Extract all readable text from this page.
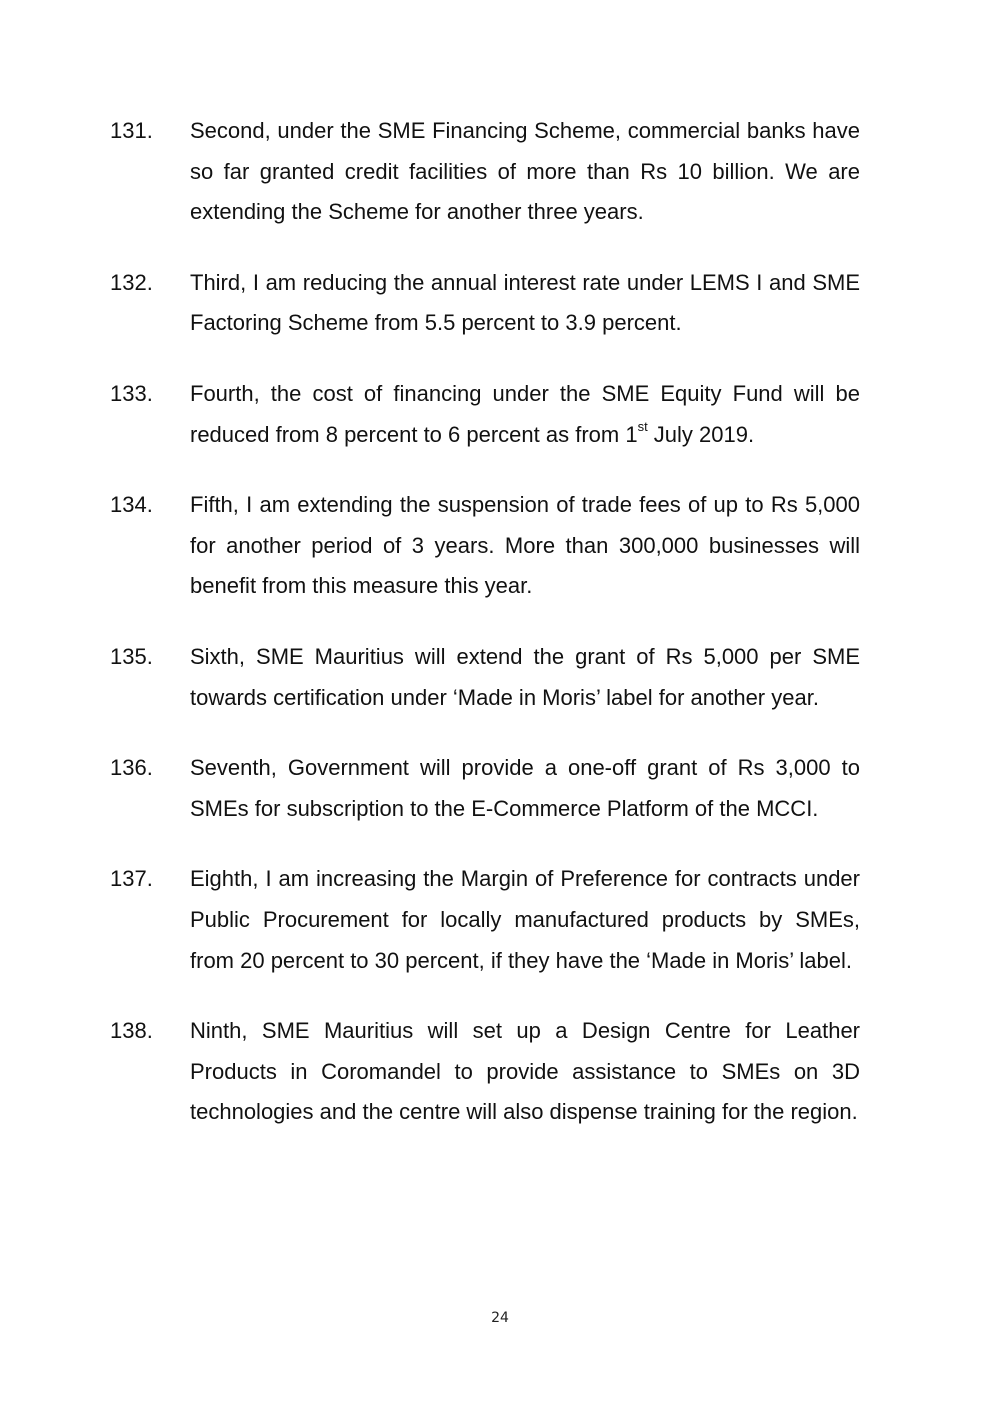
131.	Second, under the SME Financing Scheme, commercial banks have so far granted credit facilities of more than Rs 10 billion. We are extending the Scheme for another three years.
132.	Third, I am reducing the annual interest rate under LEMS I and SME Factoring Scheme from 5.5 percent to 3.9 percent.
133.	Fourth, the cost of financing under the SME Equity Fund will be reduced from 8 percent to 6 percent as from 1st July 2019.
134.	Fifth, I am extending the suspension of trade fees of up to Rs 5,000 for another period of 3 years. More than 300,000 businesses will benefit from this measure this year.
135.	Sixth, SME Mauritius will extend the grant of Rs 5,000 per SME towards certification under ‘Made in Moris’ label for another year.
136.	Seventh, Government will provide a one-off grant of Rs 3,000 to SMEs for subscription to the E-Commerce Platform of the MCCI.
137.	Eighth, I am increasing the Margin of Preference for contracts under Public Procurement for locally manufactured products by SMEs, from 20 percent to 30 percent, if they have the ‘Made in Moris’ label.
138.	Ninth, SME Mauritius will set up a Design Centre for Leather Products in Coromandel to provide assistance to SMEs on 3D technologies and the centre will also dispense training for the region.
24
